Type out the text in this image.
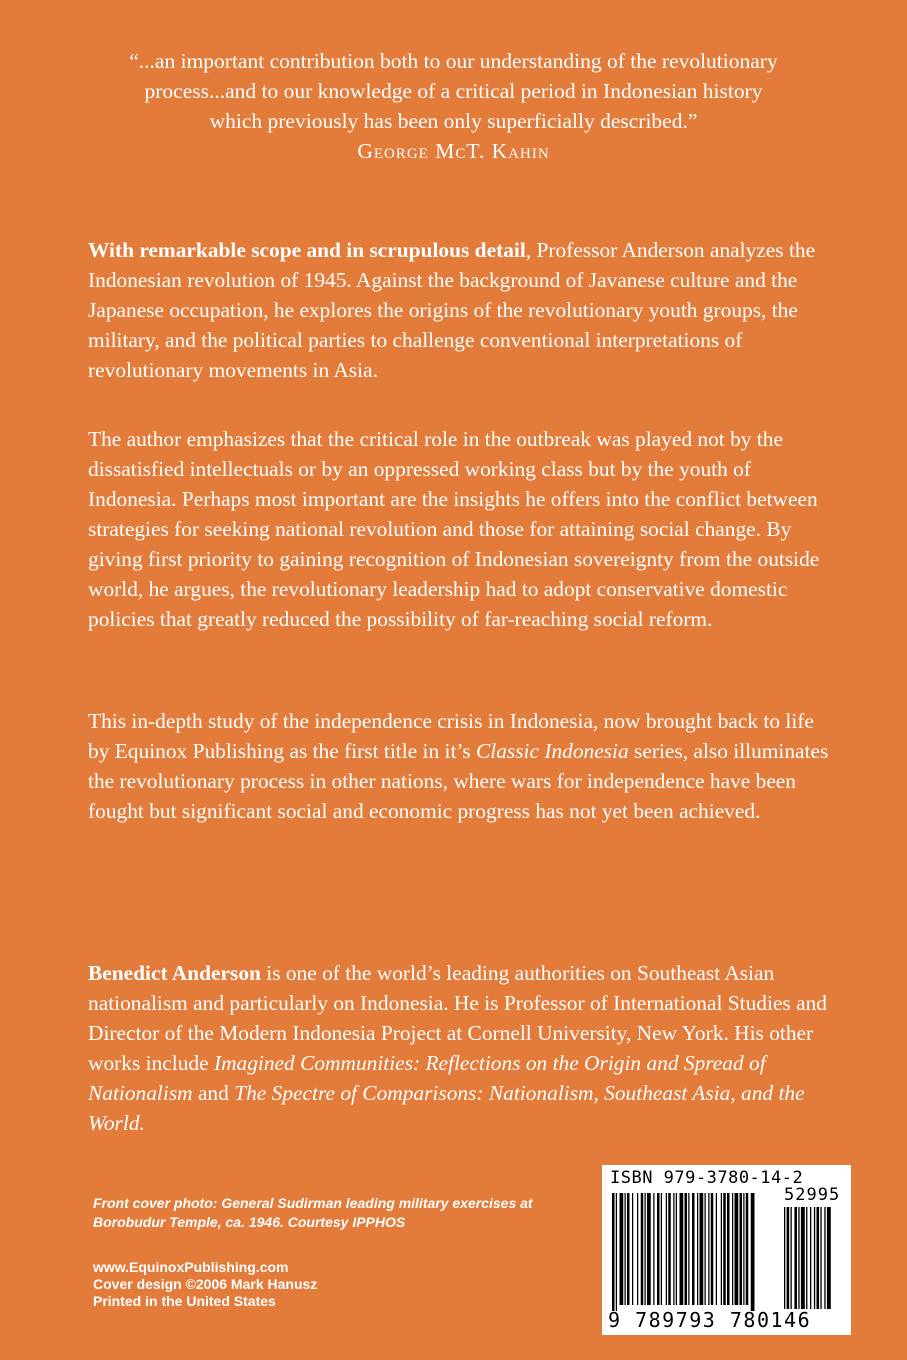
“...an important contribution both to our understanding of the revolutionary
process...and to our knowledge of a critical period in Indonesian history
which previously has been only superficially described.”
George McT. Kahin
With remarkable scope and in scrupulous detail, Professor Anderson analyzes the Indonesian revolution of 1945. Against the background of Javanese culture and the Japanese occupation, he explores the origins of the revolutionary youth groups, the military, and the political parties to challenge conventional interpretations of revolutionary movements in Asia.
The author emphasizes that the critical role in the outbreak was played not by the dissatisfied intellectuals or by an oppressed working class but by the youth of Indonesia. Perhaps most important are the insights he offers into the conflict between strategies for seeking national revolution and those for attaining social change. By giving first priority to gaining recognition of Indonesian sovereignty from the outside world, he argues, the revolutionary leadership had to adopt conservative domestic policies that greatly reduced the possibility of far-reaching social reform.
This in-depth study of the independence crisis in Indonesia, now brought back to life by Equinox Publishing as the first title in it’s Classic Indonesia series, also illuminates the revolutionary process in other nations, where wars for independence have been fought but significant social and economic progress has not yet been achieved.
Benedict Anderson is one of the world’s leading authorities on Southeast Asian nationalism and particularly on Indonesia. He is Professor of International Studies and Director of the Modern Indonesia Project at Cornell University, New York. His other works include Imagined Communities: Reflections on the Origin and Spread of Nationalism and The Spectre of Comparisons: Nationalism, Southeast Asia, and the World.
Front cover photo: General Sudirman leading military exercises at Borobudur Temple, ca. 1946. Courtesy IPPHOS
www.EquinoxPublishing.com
Cover design ©2006 Mark Hanusz
Printed in the United States
ISBN 979-3780-14-2
52995
9 789793 780146
